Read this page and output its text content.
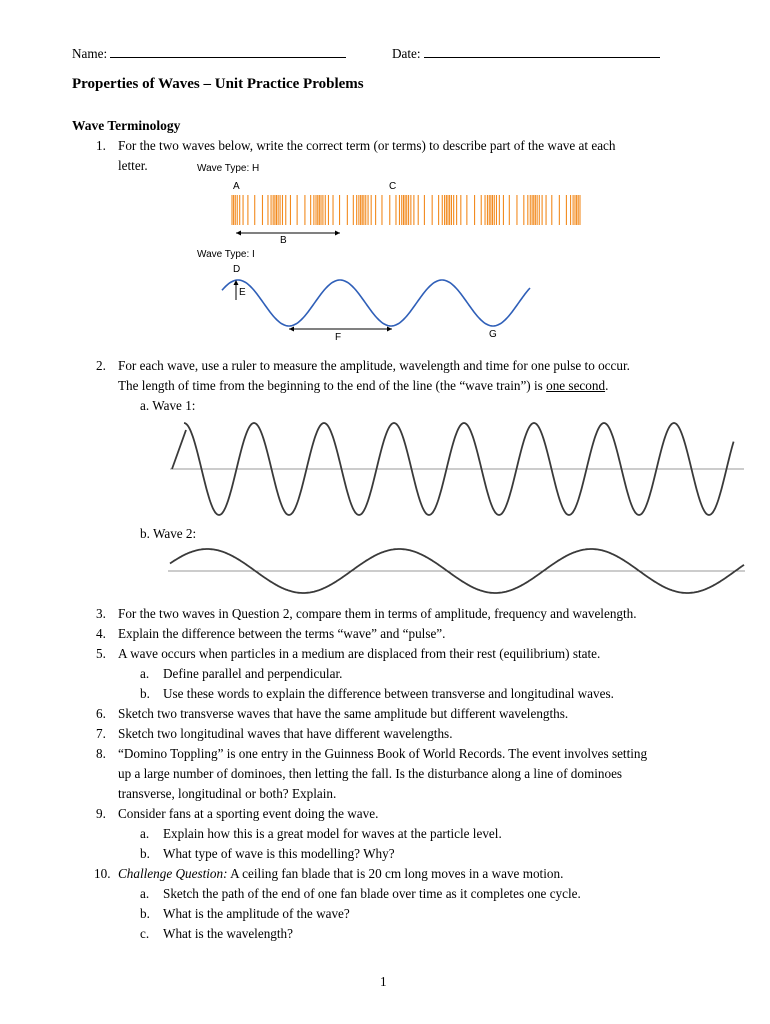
Name:	Date:
Properties of Waves – Unit Practice Problems
Wave Terminology
1. For the two waves below, write the correct term (or terms) to describe part of the wave at each
letter.	Wave Type: H
A	C
B
Wave Type: I
D
E
F	G
2. For each wave, use a ruler to measure the amplitude, wavelength and time for one pulse to occur.
The length of time from the beginning to the end of the line (the “wave train”) is one second.
a. Wave 1:
b. Wave 2:
3. For the two waves in Question 2, compare them in terms of amplitude, frequency and wavelength.
4. Explain the difference between the terms “wave” and “pulse”.
5. A wave occurs when particles in a medium are displaced from their rest (equilibrium) state.
a. Define parallel and perpendicular.
b. Use these words to explain the difference between transverse and longitudinal waves.
6. Sketch two transverse waves that have the same amplitude but different wavelengths.
7. Sketch two longitudinal waves that have different wavelengths.
8. “Domino Toppling” is one entry in the Guinness Book of World Records. The event involves setting
up a large number of dominoes, then letting the fall. Is the disturbance along a line of dominoes
transverse, longitudinal or both? Explain.
9. Consider fans at a sporting event doing the wave.
a. Explain how this is a great model for waves at the particle level.
b. What type of wave is this modelling? Why?
10. Challenge Question: A ceiling fan blade that is 20 cm long moves in a wave motion.
a. Sketch the path of the end of one fan blade over time as it completes one cycle.
b. What is the amplitude of the wave?
c. What is the wavelength?
1
